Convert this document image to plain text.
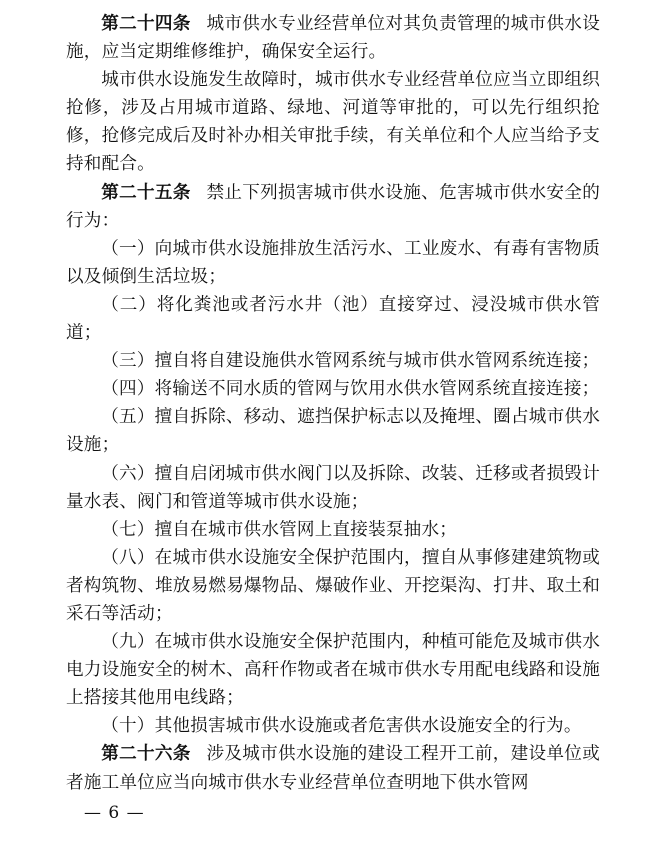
第二十四条 城市供水专业经营单位对其负责管理的城市供水设施，应当定期维修维护，确保安全运行。

城市供水设施发生故障时，城市供水专业经营单位应当立即组织抢修，涉及占用城市道路、绿地、河道等审批的，可以先行组织抢修，抢修完成后及时补办相关审批手续，有关单位和个人应当给予支持和配合。

第二十五条 禁止下列损害城市供水设施、危害城市供水安全的行为：

（一）向城市供水设施排放生活污水、工业废水、有毒有害物质以及倾倒生活垃圾；

（二）将化粪池或者污水井（池）直接穿过、浸没城市供水管道；

（三）擅自将自建设施供水管网系统与城市供水管网系统连接；

（四）将输送不同水质的管网与饮用水供水管网系统直接连接；

（五）擅自拆除、移动、遮挡保护标志以及掩埋、圈占城市供水设施；

（六）擅自启闭城市供水阀门以及拆除、改装、迁移或者损毁计量水表、阀门和管道等城市供水设施；

（七）擅自在城市供水管网上直接装泵抽水；

（八）在城市供水设施安全保护范围内，擅自从事修建建筑物或者构筑物、堆放易燃易爆物品、爆破作业、开挖渠沟、打井、取土和采石等活动；

（九）在城市供水设施安全保护范围内，种植可能危及城市供水电力设施安全的树木、高秆作物或者在城市供水专用配电线路和设施上搭接其他用电线路；

（十）其他损害城市供水设施或者危害供水设施安全的行为。

第二十六条 涉及城市供水设施的建设工程开工前，建设单位或者施工单位应当向城市供水专业经营单位查明地下供水管网

— 6 —
